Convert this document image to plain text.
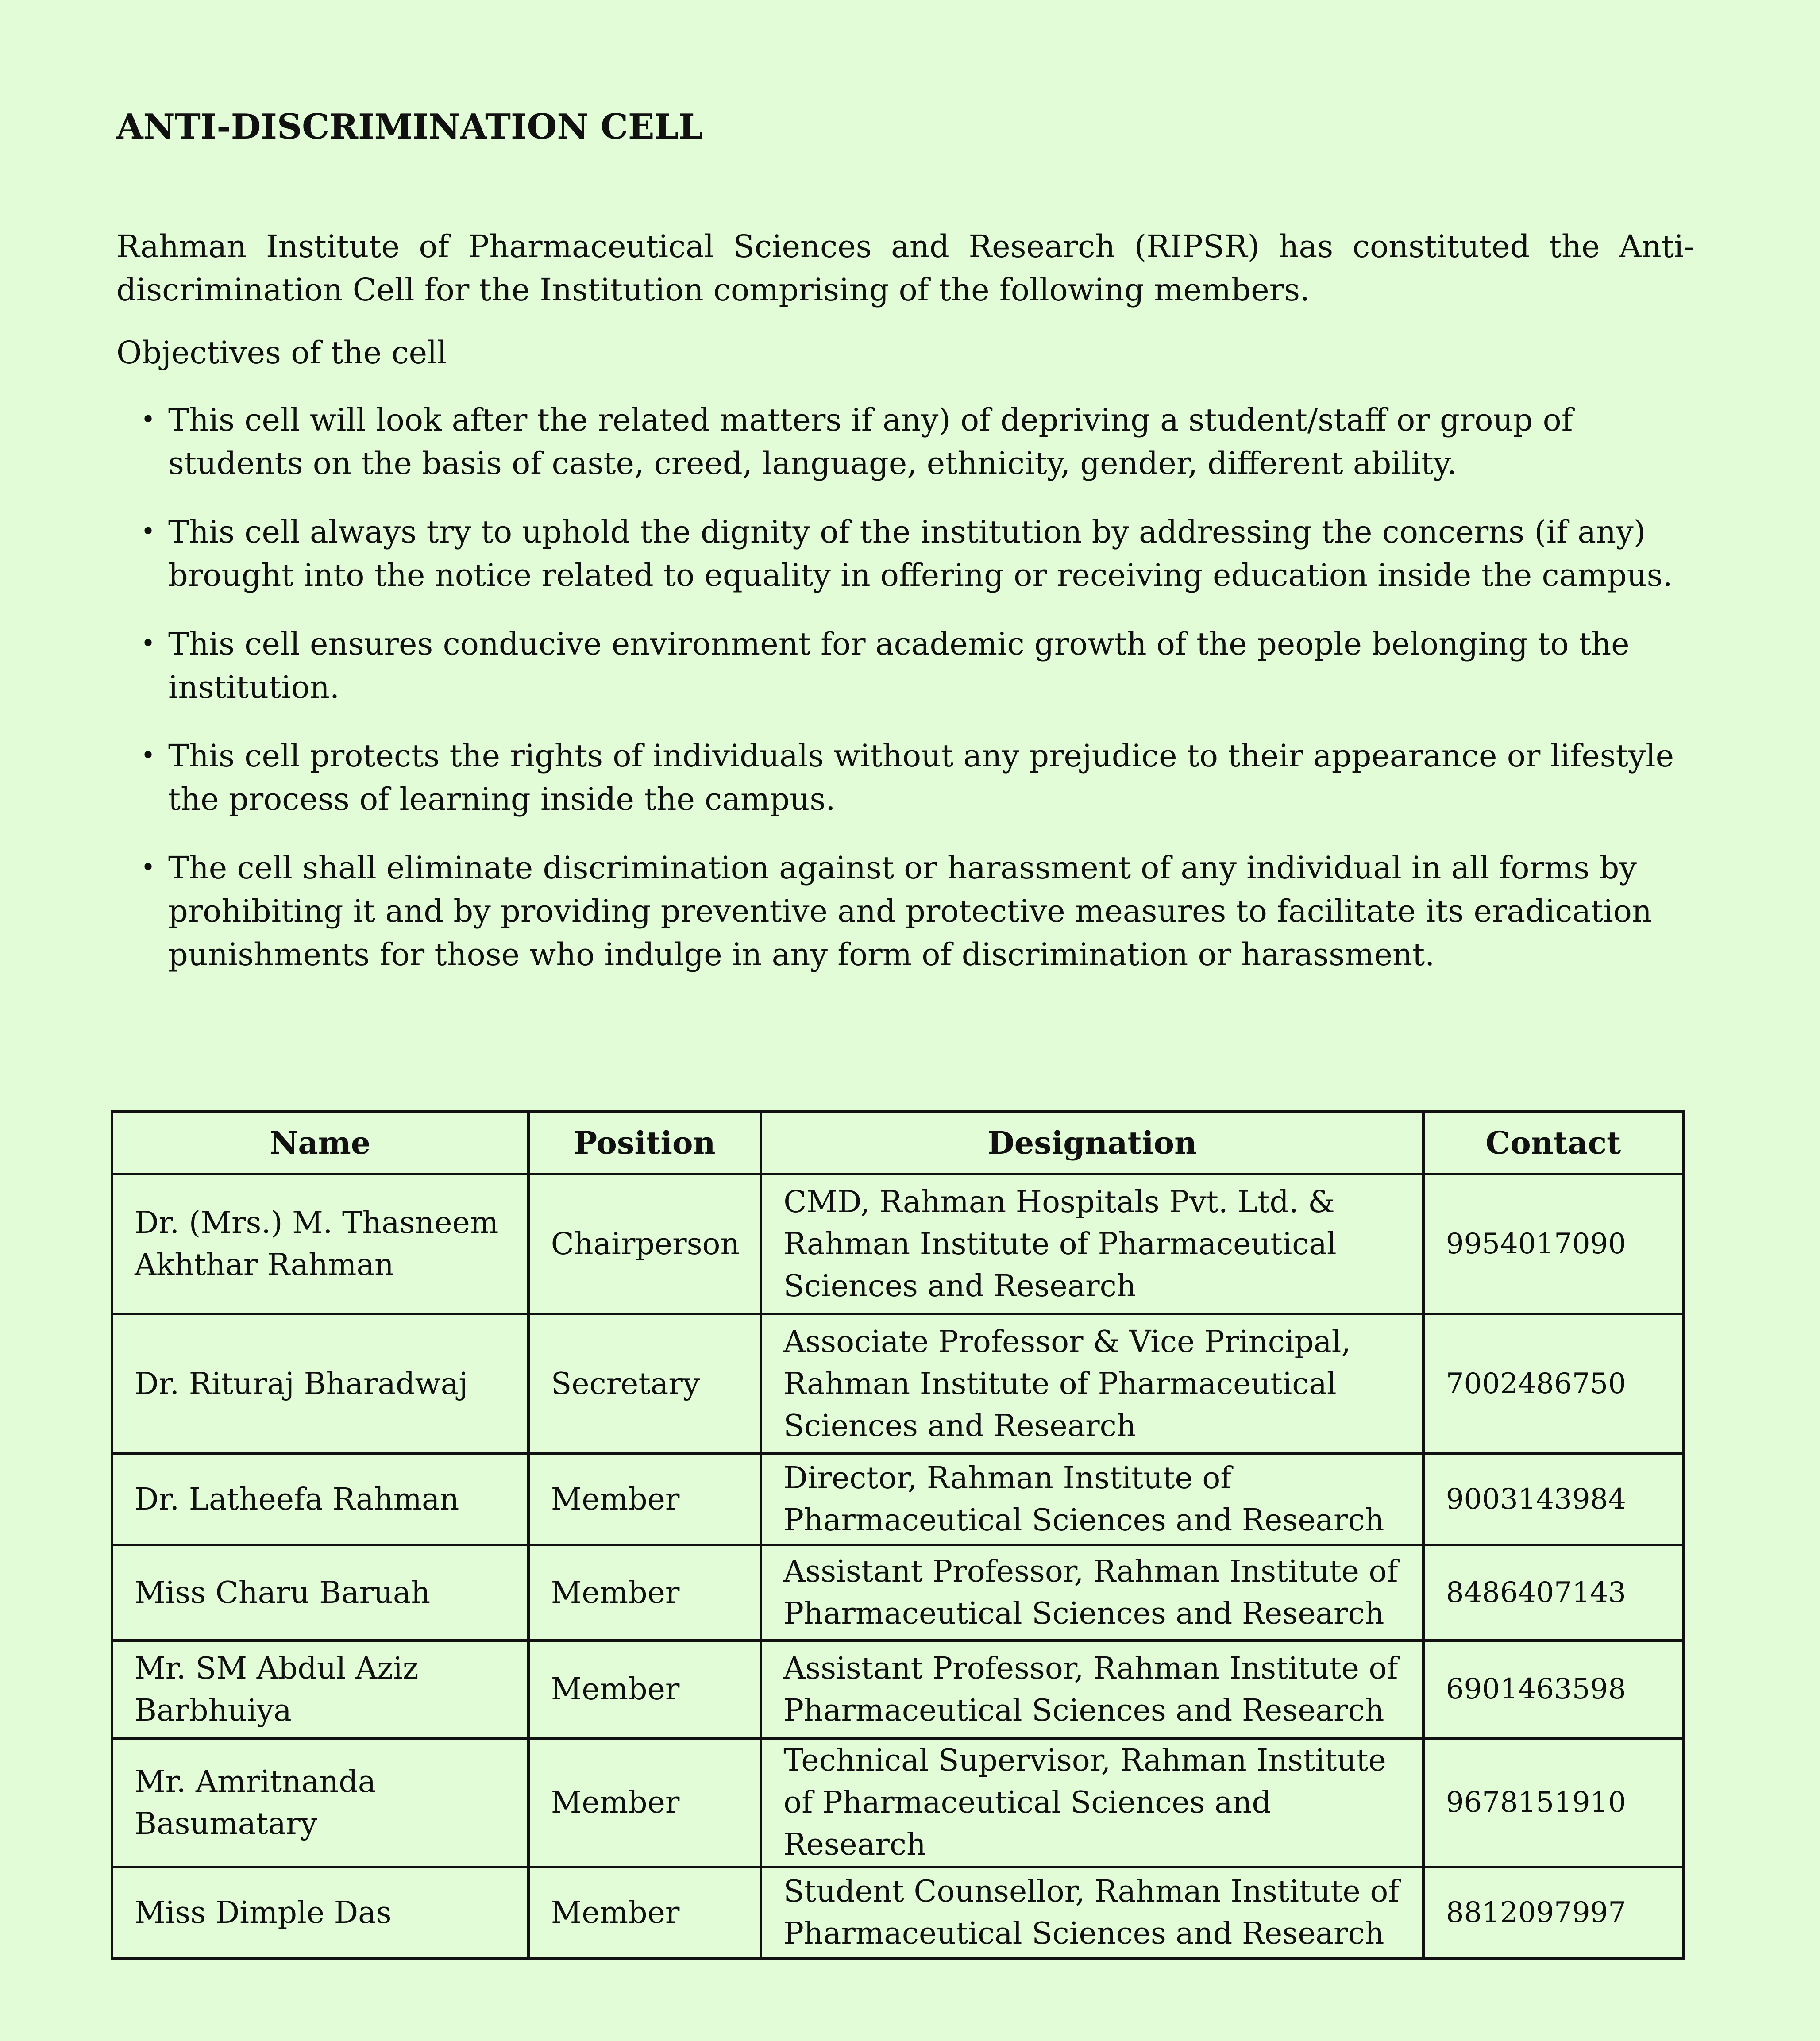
ANTI-DISCRIMINATION CELL

Rahman Institute of Pharmaceutical Sciences and Research (RIPSR) has constituted the Anti-discrimination Cell for the Institution comprising of the following members.

Objectives of the cell

• This cell will look after the related matters if any) of depriving a student/staff or group of students on the basis of caste, creed, language, ethnicity, gender, different ability.
• This cell always try to uphold the dignity of the institution by addressing the concerns (if any) brought into the notice related to equality in offering or receiving education inside the campus.
• This cell ensures conducive environment for academic growth of the people belonging to the institution.
• This cell protects the rights of individuals without any prejudice to their appearance or lifestyle the process of learning inside the campus.
• The cell shall eliminate discrimination against or harassment of any individual in all forms by prohibiting it and by providing preventive and protective measures to facilitate its eradication punishments for those who indulge in any form of discrimination or harassment.
Name	Position	Designation	Contact
Dr. (Mrs.) M. Thasneem Akhthar Rahman	Chairperson	CMD, Rahman Hospitals Pvt. Ltd. & Rahman Institute of Pharmaceutical Sciences and Research	9954017090
Dr. Rituraj Bharadwaj	Secretary	Associate Professor & Vice Principal, Rahman Institute of Pharmaceutical Sciences and Research	7002486750
Dr. Latheefa Rahman	Member	Director, Rahman Institute of Pharmaceutical Sciences and Research	9003143984
Miss Charu Baruah	Member	Assistant Professor, Rahman Institute of Pharmaceutical Sciences and Research	8486407143
Mr. SM Abdul Aziz Barbhuiya	Member	Assistant Professor, Rahman Institute of Pharmaceutical Sciences and Research	6901463598
Mr. Amritnanda Basumatary	Member	Technical Supervisor, Rahman Institute of Pharmaceutical Sciences and Research	9678151910
Miss Dimple Das	Member	Student Counsellor, Rahman Institute of Pharmaceutical Sciences and Research	8812097997
